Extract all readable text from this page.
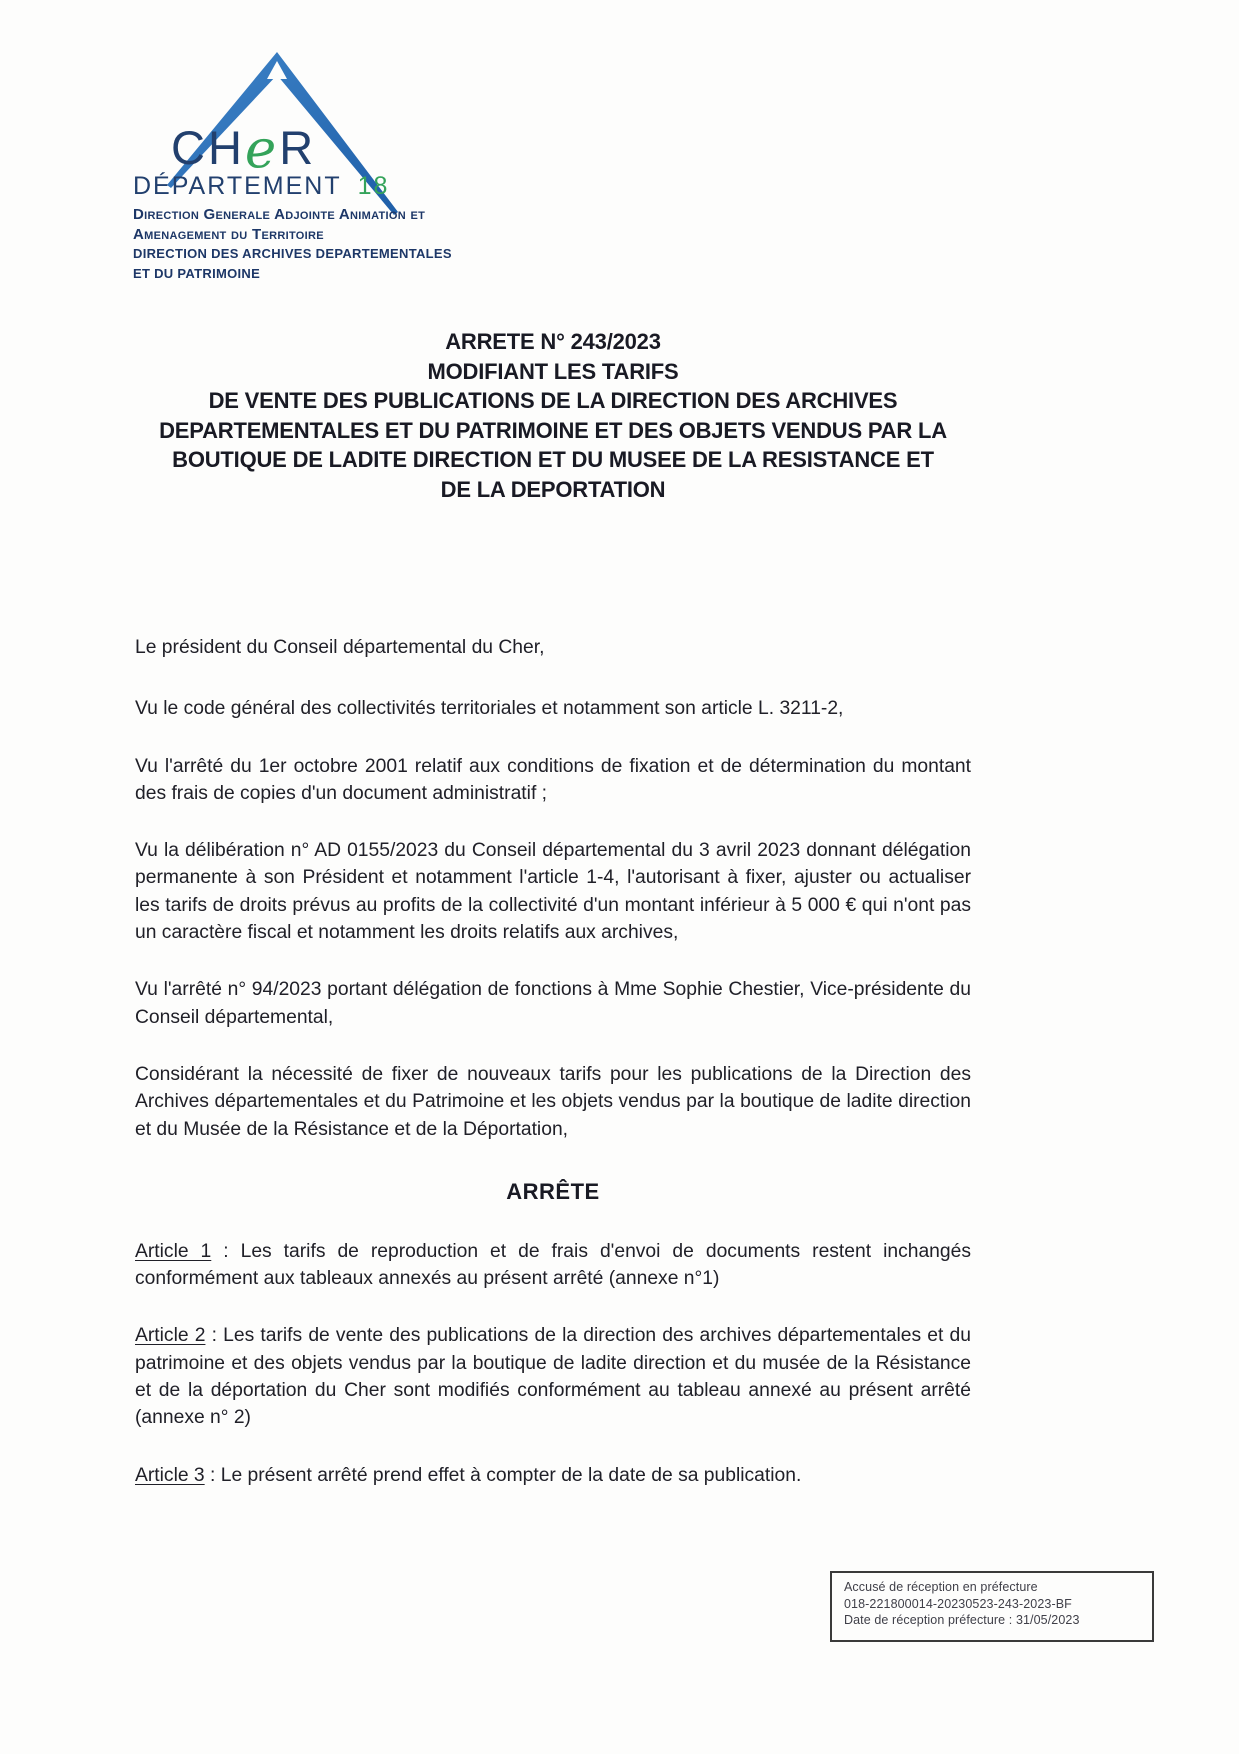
CHeR
DÉPARTEMENT 18
Direction Generale Adjointe Animation et
Amenagement du Territoire
DIRECTION DES ARCHIVES DEPARTEMENTALES
ET DU PATRIMOINE
ARRETE N° 243/2023
MODIFIANT LES TARIFS
DE VENTE DES PUBLICATIONS DE LA DIRECTION DES ARCHIVES
DEPARTEMENTALES ET DU PATRIMOINE ET DES OBJETS VENDUS PAR LA
BOUTIQUE DE LADITE DIRECTION ET DU MUSEE DE LA RESISTANCE ET
DE LA DEPORTATION

Le président du Conseil départemental du Cher,

Vu le code général des collectivités territoriales et notamment son article L. 3211-2,

Vu l'arrêté du 1er octobre 2001 relatif aux conditions de fixation et de détermination du montant des frais de copies d'un document administratif ;

Vu la délibération n° AD 0155/2023 du Conseil départemental du 3 avril 2023 donnant délégation permanente à son Président et notamment l'article 1-4, l'autorisant à fixer, ajuster ou actualiser les tarifs de droits prévus au profits de la collectivité d'un montant inférieur à 5 000 € qui n'ont pas un caractère fiscal et notamment les droits relatifs aux archives,

Vu l'arrêté n° 94/2023 portant délégation de fonctions à Mme Sophie Chestier, Vice-présidente du Conseil départemental,

Considérant la nécessité de fixer de nouveaux tarifs pour les publications de la Direction des Archives départementales et du Patrimoine et les objets vendus par la boutique de ladite direction et du Musée de la Résistance et de la Déportation,

ARRÊTE

Article 1 : Les tarifs de reproduction et de frais d'envoi de documents restent inchangés conformément aux tableaux annexés au présent arrêté (annexe n°1)

Article 2 : Les tarifs de vente des publications de la direction des archives départementales et du patrimoine et des objets vendus par la boutique de ladite direction et du musée de la Résistance et de la déportation du Cher sont modifiés conformément au tableau annexé au présent arrêté (annexe n° 2)

Article 3 : Le présent arrêté prend effet à compter de la date de sa publication.

Accusé de réception en préfecture
018-221800014-20230523-243-2023-BF
Date de réception préfecture : 31/05/2023
